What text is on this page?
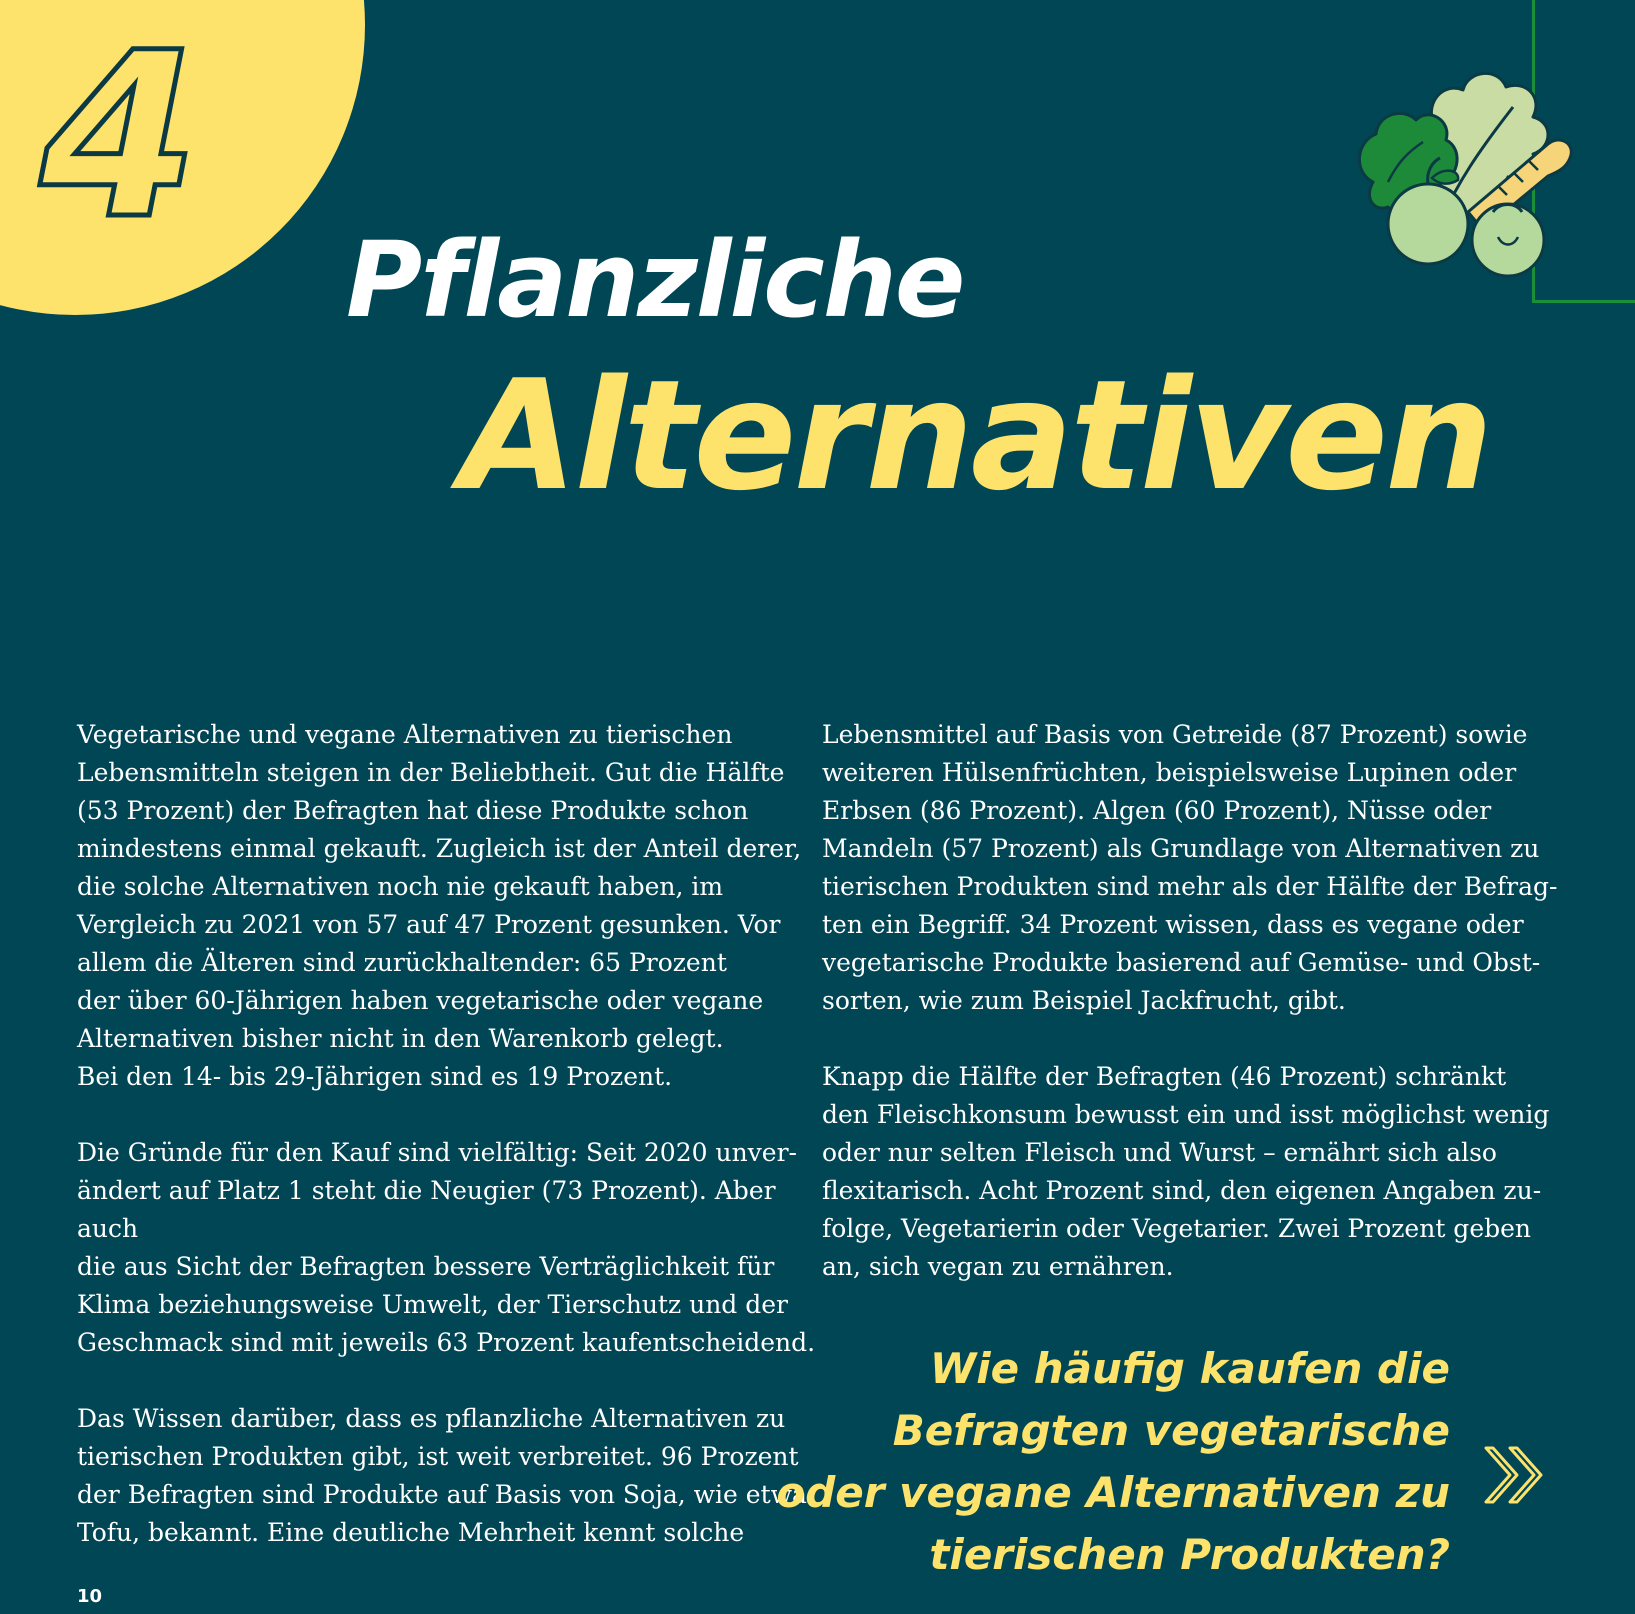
4
Pflanzliche
Alternativen

Vegetarische und vegane Alternativen zu tierischen
Lebensmitteln steigen in der Beliebtheit. Gut die Hälfte
(53 Prozent) der Befragten hat diese Produkte schon
mindestens einmal gekauft. Zugleich ist der Anteil derer,
die solche Alternativen noch nie gekauft haben, im
Vergleich zu 2021 von 57 auf 47 Prozent gesunken. Vor
allem die Älteren sind zurückhaltender: 65 Prozent
der über 60-Jährigen haben vegetarische oder vegane
Alternativen bisher nicht in den Warenkorb gelegt.
Bei den 14- bis 29-Jährigen sind es 19 Prozent.

Die Gründe für den Kauf sind vielfältig: Seit 2020 unver-
ändert auf Platz 1 steht die Neugier (73 Prozent). Aber auch
die aus Sicht der Befragten bessere Verträglichkeit für
Klima beziehungsweise Umwelt, der Tierschutz und der
Geschmack sind mit jeweils 63 Prozent kaufentscheidend.

Das Wissen darüber, dass es pflanzliche Alternativen zu
tierischen Produkten gibt, ist weit verbreitet. 96 Prozent
der Befragten sind Produkte auf Basis von Soja, wie etwa
Tofu, bekannt. Eine deutliche Mehrheit kennt solche

Lebensmittel auf Basis von Getreide (87 Prozent) sowie
weiteren Hülsenfrüchten, beispielsweise Lupinen oder
Erbsen (86 Prozent). Algen (60 Prozent), Nüsse oder
Mandeln (57 Prozent) als Grundlage von Alternativen zu
tierischen Produkten sind mehr als der Hälfte der Befrag-
ten ein Begriff. 34 Prozent wissen, dass es vegane oder
vegetarische Produkte basierend auf Gemüse- und Obst-
sorten, wie zum Beispiel Jackfrucht, gibt.

Knapp die Hälfte der Befragten (46 Prozent) schränkt
den Fleischkonsum bewusst ein und isst möglichst wenig
oder nur selten Fleisch und Wurst – ernährt sich also
flexitarisch. Acht Prozent sind, den eigenen Angaben zu-
folge, Vegetarierin oder Vegetarier. Zwei Prozent geben
an, sich vegan zu ernähren.

Wie häufig kaufen die
Befragten vegetarische
oder vegane Alternativen zu
tierischen Produkten?
10
